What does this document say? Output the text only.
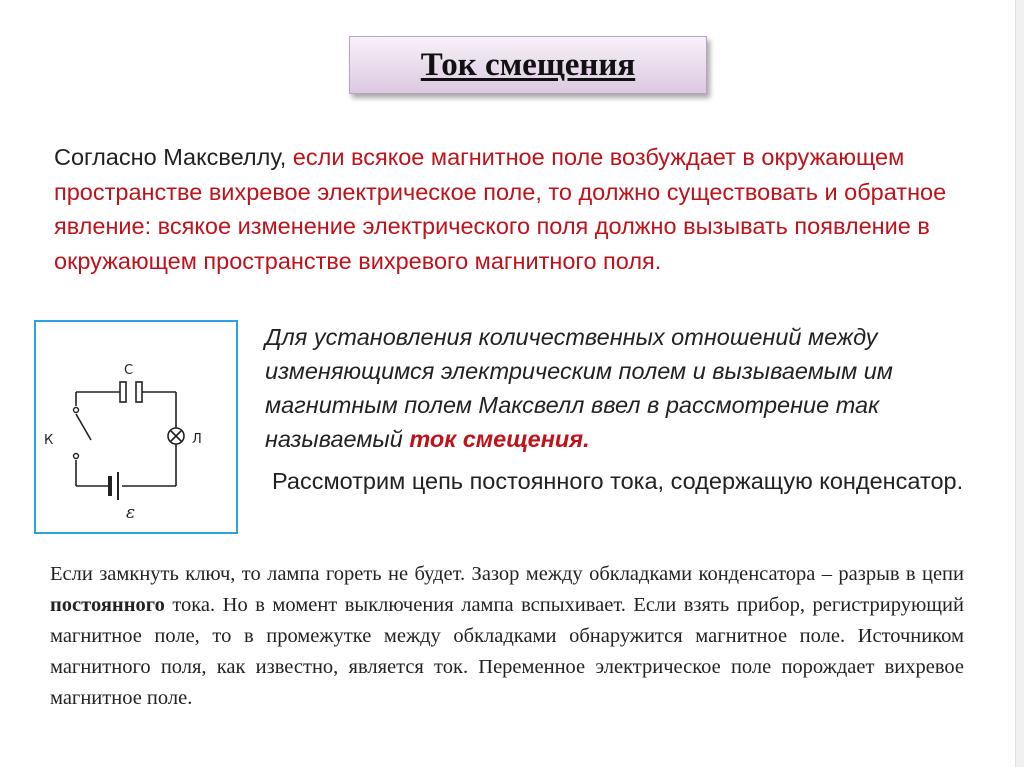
Ток смещения
Согласно Максвеллу, если всякое магнитное поле возбуждает в окружающем пространстве вихревое электрическое поле, то должно существовать и обратное явление: всякое изменение электрического поля должно вызывать появление в окружающем пространстве вихревого магнитного поля.
C
К	Л
ε
Для установления количественных отношений между изменяющимся электрическим полем и вызываемым им магнитным полем Максвелл ввел в рассмотрение так называемый ток смещения.
Рассмотрим цепь постоянного тока, содержащую конденсатор.
Если замкнуть ключ, то лампа гореть не будет. Зазор между обкладками конденсатора – разрыв в цепи постоянного тока. Но в момент выключения лампа вспыхивает. Если взять прибор, регистрирующий магнитное поле, то в промежутке между обкладками обнаружится магнитное поле. Источником магнитного поля, как известно, является ток. Переменное электрическое поле порождает вихревое магнитное поле.
